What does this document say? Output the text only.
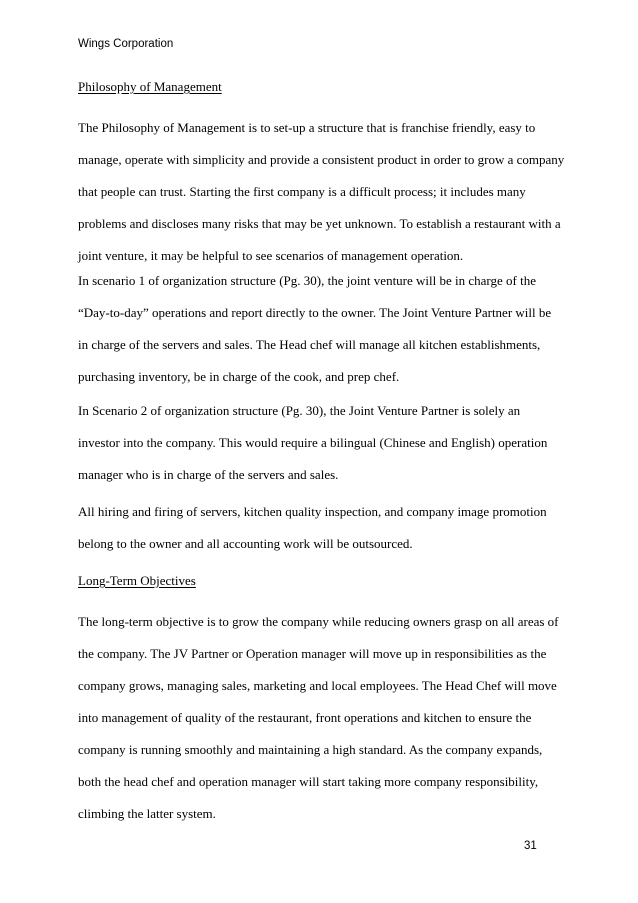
Wings Corporation
Philosophy of Management
The Philosophy of Management is to set-up a structure that is franchise friendly, easy to
manage, operate with simplicity and provide a consistent product in order to grow a company
that people can trust. Starting the first company is a difficult process; it includes many
problems and discloses many risks that may be yet unknown. To establish a restaurant with a
joint venture, it may be helpful to see scenarios of management operation.
In scenario 1 of organization structure (Pg. 30), the joint venture will be in charge of the
“Day-to-day” operations and report directly to the owner. The Joint Venture Partner will be
in charge of the servers and sales. The Head chef will manage all kitchen establishments,
purchasing inventory, be in charge of the cook, and prep chef.
In Scenario 2 of organization structure (Pg. 30), the Joint Venture Partner is solely an
investor into the company. This would require a bilingual (Chinese and English) operation
manager who is in charge of the servers and sales.
All hiring and firing of servers, kitchen quality inspection, and company image promotion
belong to the owner and all accounting work will be outsourced.
Long-Term Objectives
The long-term objective is to grow the company while reducing owners grasp on all areas of
the company. The JV Partner or Operation manager will move up in responsibilities as the
company grows, managing sales, marketing and local employees. The Head Chef will move
into management of quality of the restaurant, front operations and kitchen to ensure the
company is running smoothly and maintaining a high standard. As the company expands,
both the head chef and operation manager will start taking more company responsibility,
climbing the latter system.
31
